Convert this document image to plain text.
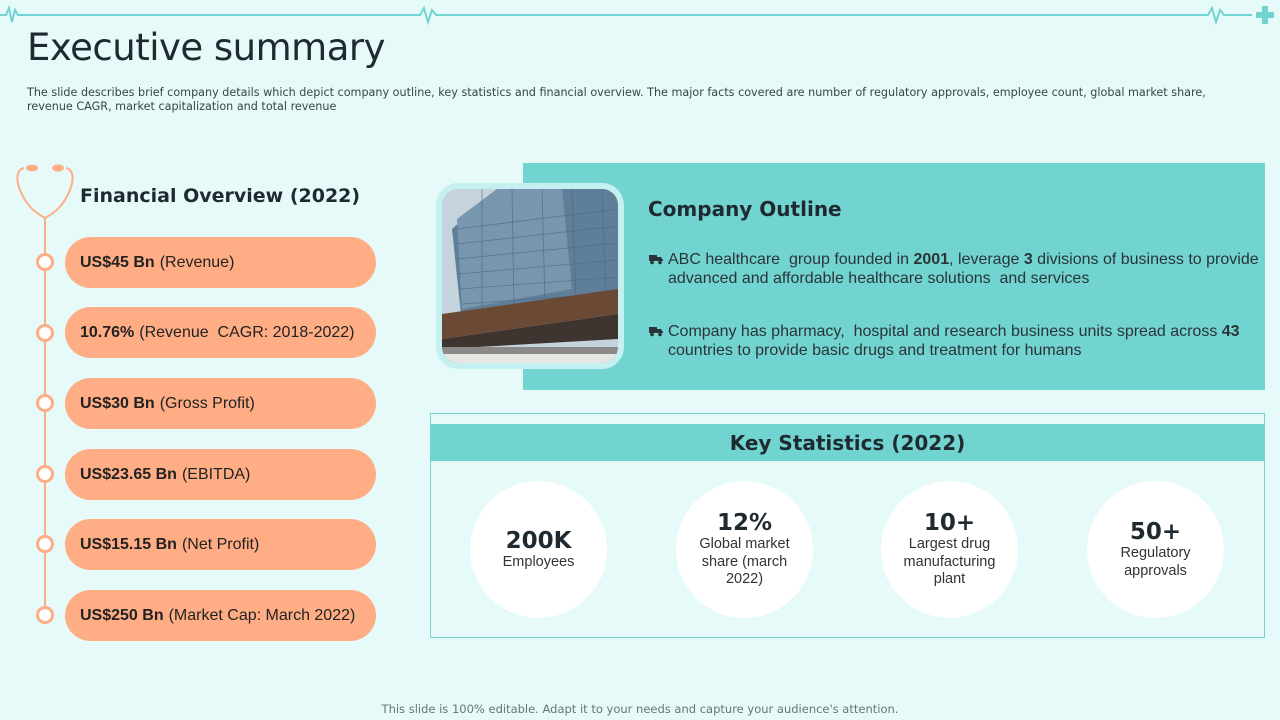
Executive summary
The slide describes brief company details which depict company outline, key statistics and financial overview. The major facts covered are number of regulatory approvals, employee count, global market share, revenue CAGR, market capitalization and total revenue
Financial Overview (2022)
US$45 Bn (Revenue)
10.76% (Revenue  CAGR: 2018-2022)
US$30 Bn (Gross Profit)
US$23.65 Bn (EBITDA)
US$15.15 Bn (Net Profit)
US$250 Bn (Market Cap: March 2022)
Company Outline
ABC healthcare  group founded in 2001, leverage 3 divisions of business to provide advanced and affordable healthcare solutions  and services
Company has pharmacy,  hospital and research business units spread across 43 countries to provide basic drugs and treatment for humans
Key Statistics (2022)
200K
Employees
12%
Global market share (march 2022)
10+
Largest drug manufacturing plant
50+
Regulatory approvals
This slide is 100% editable. Adapt it to your needs and capture your audience's attention.
